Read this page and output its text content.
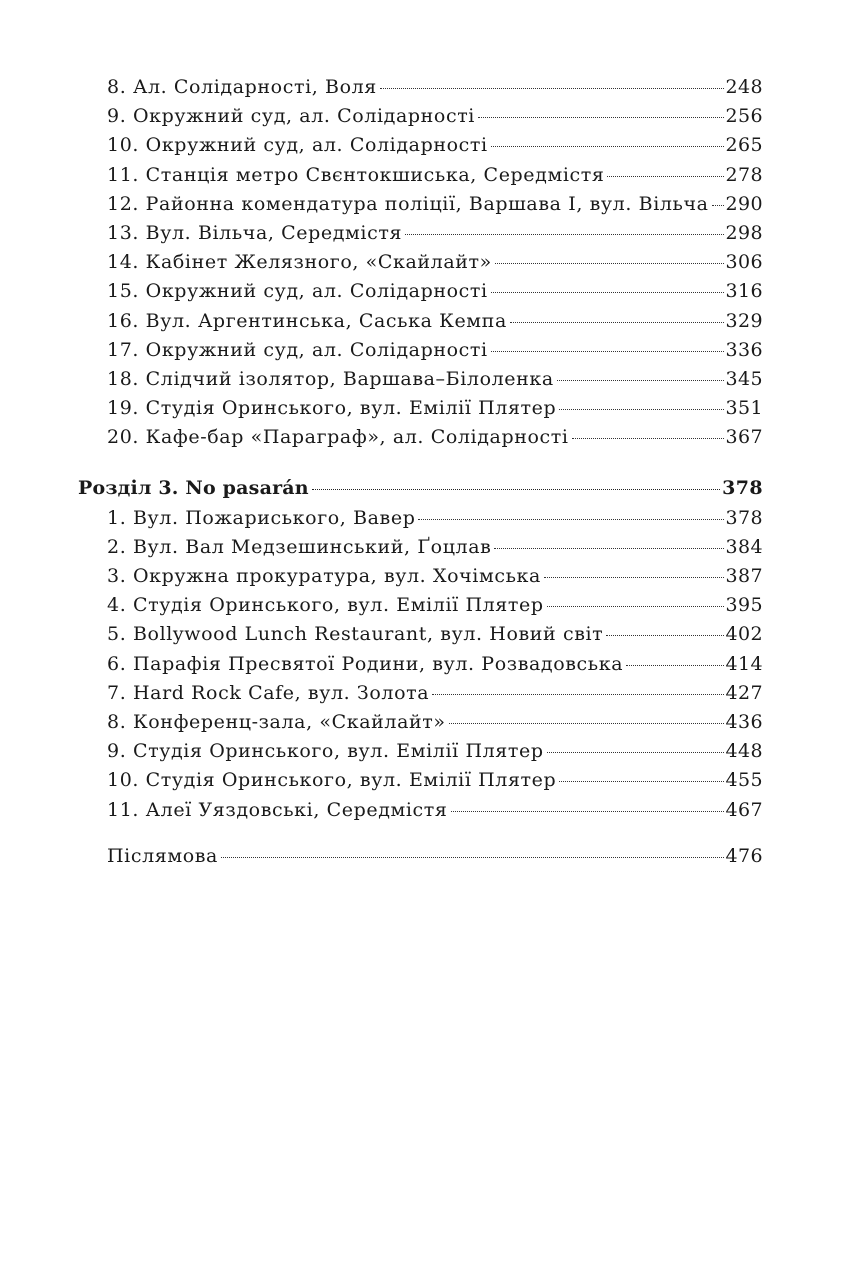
8. Ал. Солідарності, Воля	248
9. Окружний суд, ал. Солідарності	256
10. Окружний суд, ал. Солідарності	265
11. Станція метро Свєнтокшиська, Середмістя	278
12. Районна комендатура поліції, Варшава I, вул. Вільча 290
13. Вул. Вільча, Середмістя	298
14. Кабінет Желязного, «Скайлайт»	306
15. Окружний суд, ал. Солідарності	316
16. Вул. Аргентинська, Саська Кемпа	329
17. Окружний суд, ал. Солідарності	336
18. Слідчий ізолятор, Варшава–Білоленка	345
19. Студія Оринського, вул. Емілії Плятер	351
20. Кафе-бар «Параграф», ал. Солідарності	367
Розділ 3. No pasarán	378
1. Вул. Пожариського, Вавер	378
2. Вул. Вал Медзешинський, Ґоцлав	384
3. Окружна прокуратура, вул. Хочімська	387
4. Студія Оринського, вул. Емілії Плятер	395
5. Bollywood Lunch Restaurant, вул. Новий світ	402
6. Парафія Пресвятої Родини, вул. Розвадовська	414
7. Hard Rock Cafe, вул. Золота	427
8. Конференц-зала, «Скайлайт»	436
9. Студія Оринського, вул. Емілії Плятер	448
10. Студія Оринського, вул. Емілії Плятер	455
11. Алеї Уяздовські, Середмістя	467
Післямова	476
